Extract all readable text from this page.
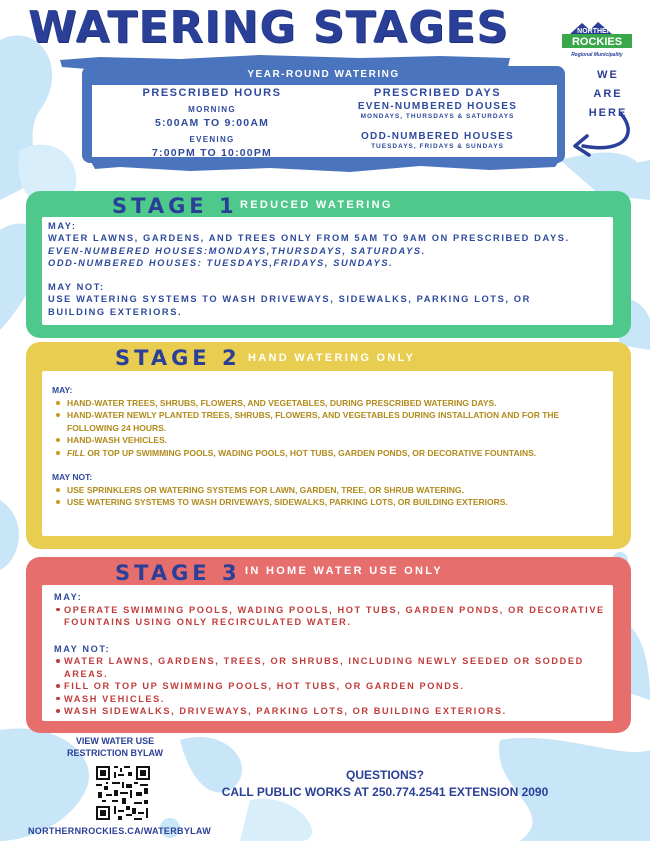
WATERING STAGES	NORTHERN
ROCKIES
Regional Municipality
YEAR-ROUND WATERING
PRESCRIBED HOURS
MORNING
5:00AM TO 9:00AM
EVENING
7:00PM TO 10:00PM
PRESCRIBED DAYS
EVEN-NUMBERED HOUSES
MONDAYS, THURSDAYS & SATURDAYS
ODD-NUMBERED HOUSES
TUESDAYS, FRIDAYS & SUNDAYS
WE
ARE
HERE
STAGE 1 REDUCED WATERING
MAY:
WATER LAWNS, GARDENS, AND TREES ONLY FROM 5AM TO 9AM ON PRESCRIBED DAYS.
EVEN-NUMBERED HOUSES:MONDAYS,THURSDAYS, SATURDAYS.
ODD-NUMBERED HOUSES: TUESDAYS,FRIDAYS, SUNDAYS.
MAY NOT:
USE WATERING SYSTEMS TO WASH DRIVEWAYS, SIDEWALKS, PARKING LOTS, OR
BUILDING EXTERIORS.
STAGE 2 HAND WATERING ONLY
MAY:
HAND-WATER TREES, SHRUBS, FLOWERS, AND VEGETABLES, DURING PRESCRIBED WATERING DAYS.
HAND-WATER NEWLY PLANTED TREES, SHRUBS, FLOWERS, AND VEGETABLES DURING INSTALLATION AND FOR THE FOLLOWING 24 HOURS.
HAND-WASH VEHICLES.
FILL OR TOP UP SWIMMING POOLS, WADING POOLS, HOT TUBS, GARDEN PONDS, OR DECORATIVE FOUNTAINS.
MAY NOT:
USE SPRINKLERS OR WATERING SYSTEMS FOR LAWN, GARDEN, TREE, OR SHRUB WATERING.
USE WATERING SYSTEMS TO WASH DRIVEWAYS, SIDEWALKS, PARKING LOTS, OR BUILDING EXTERIORS.
STAGE 3 IN HOME WATER USE ONLY
MAY:
OPERATE SWIMMING POOLS, WADING POOLS, HOT TUBS, GARDEN PONDS, OR DECORATIVE FOUNTAINS USING ONLY RECIRCULATED WATER.
MAY NOT:
WATER LAWNS, GARDENS, TREES, OR SHRUBS, INCLUDING NEWLY SEEDED OR SODDED AREAS.
FILL OR TOP UP SWIMMING POOLS, HOT TUBS, OR GARDEN PONDS.
WASH VEHICLES.
WASH SIDEWALKS, DRIVEWAYS, PARKING LOTS, OR BUILDING EXTERIORS.
VIEW WATER USE
RESTRICTION BYLAW
NORTHERNROCKIES.CA/WATERBYLAW
QUESTIONS?
CALL PUBLIC WORKS AT 250.774.2541 EXTENSION 2090
